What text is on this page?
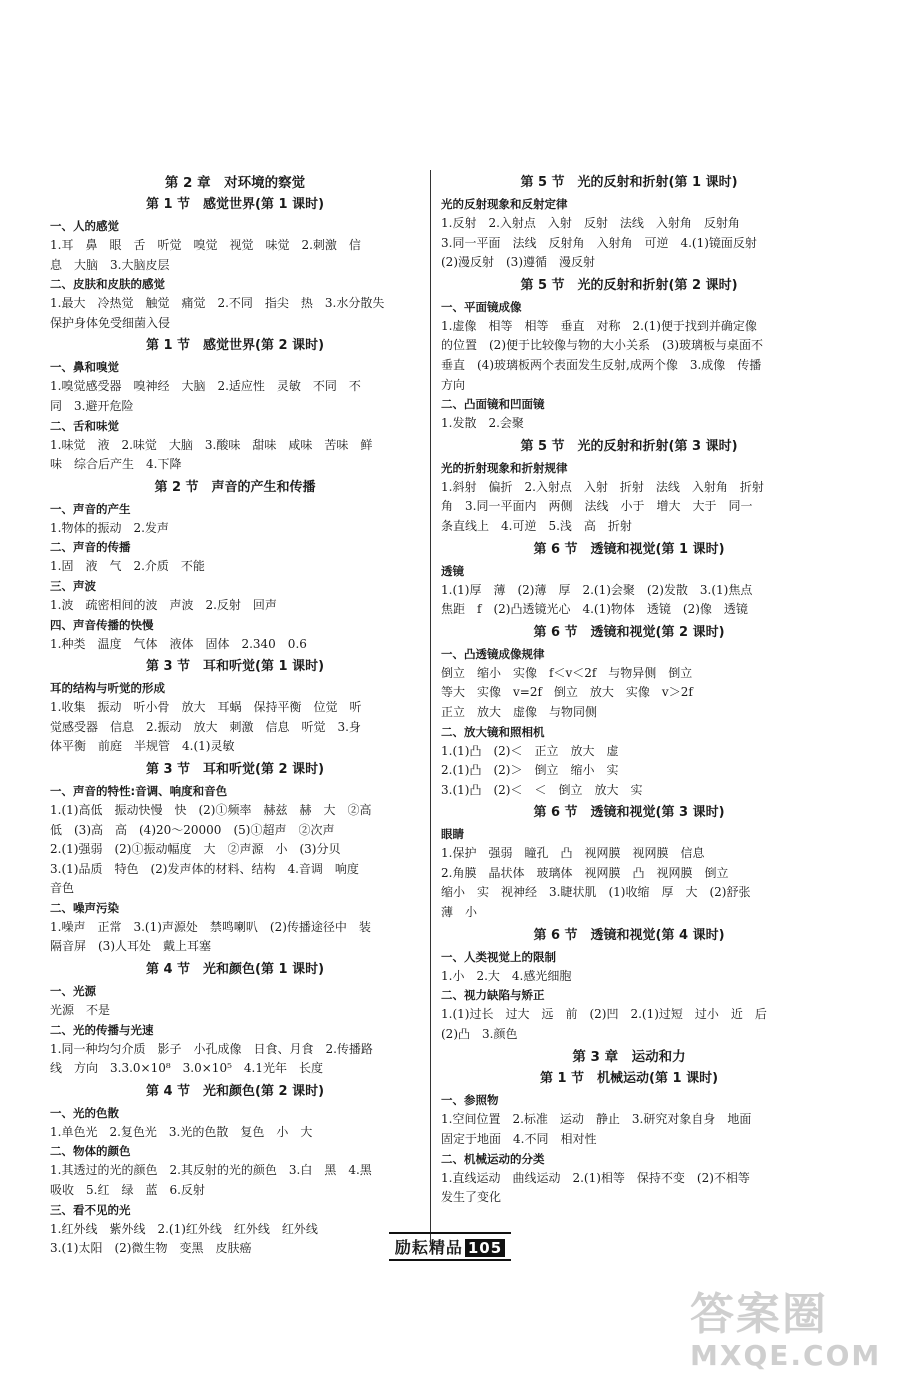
第 2 章　对环境的察觉
第 1 节　感觉世界(第 1 课时)
一、人的感觉
1.耳　鼻　眼　舌　听觉　嗅觉　视觉　味觉　2.刺激　信
息　大脑　3.大脑皮层
二、皮肤和皮肤的感觉
1.最大　冷热觉　触觉　痛觉　2.不同　指尖　热　3.水分散失
保护身体免受细菌入侵
第 1 节　感觉世界(第 2 课时)
一、鼻和嗅觉
1.嗅觉感受器　嗅神经　大脑　2.适应性　灵敏　不同　不
同　3.避开危险
二、舌和味觉
1.味觉　液　2.味觉　大脑　3.酸味　甜味　咸味　苦味　鲜
味　综合后产生　4.下降
第 2 节　声音的产生和传播
一、声音的产生
1.物体的振动　2.发声
二、声音的传播
1.固　液　气　2.介质　不能
三、声波
1.波　疏密相间的波　声波　2.反射　回声
四、声音传播的快慢
1.种类　温度　气体　液体　固体　2.340　0.6
第 3 节　耳和听觉(第 1 课时)
耳的结构与听觉的形成
1.收集　振动　听小骨　放大　耳蜗　保持平衡　位觉　听
觉感受器　信息　2.振动　放大　刺激　信息　听觉　3.身
体平衡　前庭　半规管　4.(1)灵敏
第 3 节　耳和听觉(第 2 课时)
一、声音的特性:音调、响度和音色
1.(1)高低　振动快慢　快　(2)①频率　赫兹　赫　大　②高
低　(3)高　高　(4)20～20000　(5)①超声　②次声
2.(1)强弱　(2)①振动幅度　大　②声源　小　(3)分贝
3.(1)品质　特色　(2)发声体的材料、结构　4.音调　响度
音色
二、噪声污染
1.噪声　正常　3.(1)声源处　禁鸣喇叭　(2)传播途径中　装
隔音屏　(3)人耳处　戴上耳塞
第 4 节　光和颜色(第 1 课时)
一、光源
光源　不是
二、光的传播与光速
1.同一种均匀介质　影子　小孔成像　日食、月食　2.传播路
线　方向　3.3.0×10⁸　3.0×10⁵　4.1光年　长度
第 4 节　光和颜色(第 2 课时)
一、光的色散
1.单色光　2.复色光　3.光的色散　复色　小　大
二、物体的颜色
1.其透过的光的颜色　2.其反射的光的颜色　3.白　黑　4.黑
吸收　5.红　绿　蓝　6.反射
三、看不见的光
1.红外线　紫外线　2.(1)红外线　红外线　红外线
3.(1)太阳　(2)微生物　变黑　皮肤癌
第 5 节　光的反射和折射(第 1 课时)
光的反射现象和反射定律
1.反射　2.入射点　入射　反射　法线　入射角　反射角
3.同一平面　法线　反射角　入射角　可逆　4.(1)镜面反射
(2)漫反射　(3)遵循　漫反射
第 5 节　光的反射和折射(第 2 课时)
一、平面镜成像
1.虚像　相等　相等　垂直　对称　2.(1)便于找到并确定像
的位置　(2)便于比较像与物的大小关系　(3)玻璃板与桌面不
垂直　(4)玻璃板两个表面发生反射,成两个像　3.成像　传播
方向
二、凸面镜和凹面镜
1.发散　2.会聚
第 5 节　光的反射和折射(第 3 课时)
光的折射现象和折射规律
1.斜射　偏折　2.入射点　入射　折射　法线　入射角　折射
角　3.同一平面内　两侧　法线　小于　增大　大于　同一
条直线上　4.可逆　5.浅　高　折射
第 6 节　透镜和视觉(第 1 课时)
透镜
1.(1)厚　薄　(2)薄　厚　2.(1)会聚　(2)发散　3.(1)焦点
焦距　f　(2)凸透镜光心　4.(1)物体　透镜　(2)像　透镜
第 6 节　透镜和视觉(第 2 课时)
一、凸透镜成像规律
倒立　缩小　实像　f＜v＜2f　与物异侧　倒立
等大　实像　v=2f　倒立　放大　实像　v＞2f
正立　放大　虚像　与物同侧
二、放大镜和照相机
1.(1)凸　(2)＜　正立　放大　虚
2.(1)凸　(2)＞　倒立　缩小　实
3.(1)凸　(2)＜　＜　倒立　放大　实
第 6 节　透镜和视觉(第 3 课时)
眼睛
1.保护　强弱　瞳孔　凸　视网膜　视网膜　信息
2.角膜　晶状体　玻璃体　视网膜　凸　视网膜　倒立
缩小　实　视神经　3.睫状肌　(1)收缩　厚　大　(2)舒张
薄　小
第 6 节　透镜和视觉(第 4 课时)
一、人类视觉上的限制
1.小　2.大　4.感光细胞
二、视力缺陷与矫正
1.(1)过长　过大　远　前　(2)凹　2.(1)过短　过小　近　后
(2)凸　3.颜色
第 3 章　运动和力
第 1 节　机械运动(第 1 课时)
一、参照物
1.空间位置　2.标准　运动　静止　3.研究对象自身　地面
固定于地面　4.不同　相对性
二、机械运动的分类
1.直线运动　曲线运动　2.(1)相等　保持不变　(2)不相等
发生了变化
励耘精品 105
答案圈
MXQE.COM
